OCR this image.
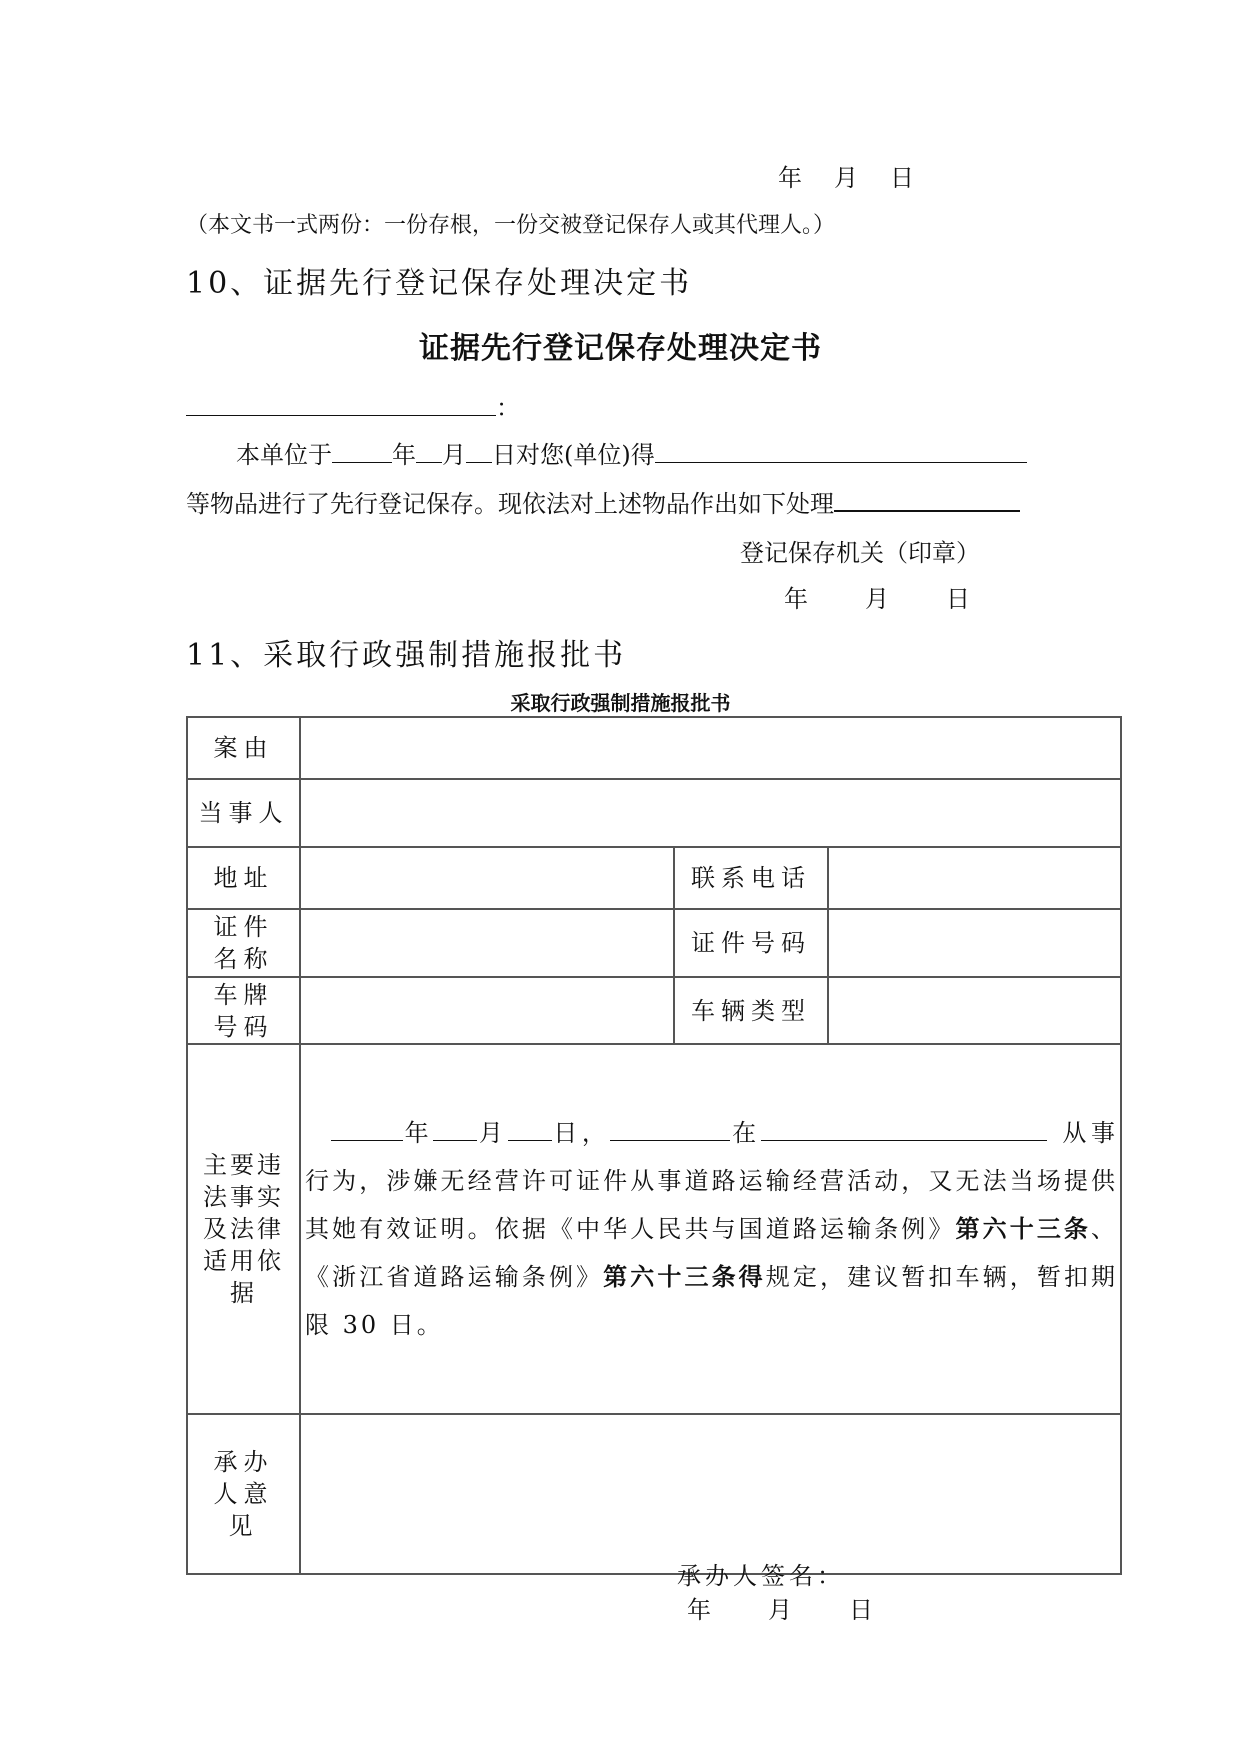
年　月　日
（本文书一式两份：一份存根，一份交被登记保存人或其代理人。）
10、证据先行登记保存处理决定书
证据先行登记保存处理决定书
：
本单位于	年 月 日对您(单位)得
等物品进行了先行登记保存。现依法对上述物品作出如下处理
登记保存机关（印章）
年　　月　　日
11、采取行政强制措施报批书
采取行政强制措施报批书
案由			
当事人			
地址		联系电话	
证件名称		证件号码	
车牌号码		车辆类型	
主要违法事实及法律适用依据	年 月 日， 在 从事行为，涉嫌无经营许可证件从事道路运输经营活动，又无法当场提供其她有效证明。依据《中华人民共与国道路运输条例》第六十三条、《浙江省道路运输条例》第六十三条得规定，建议暂扣车辆，暂扣期限 30 日。		

承办人意见	承办人签名：
年　　月　　日		
